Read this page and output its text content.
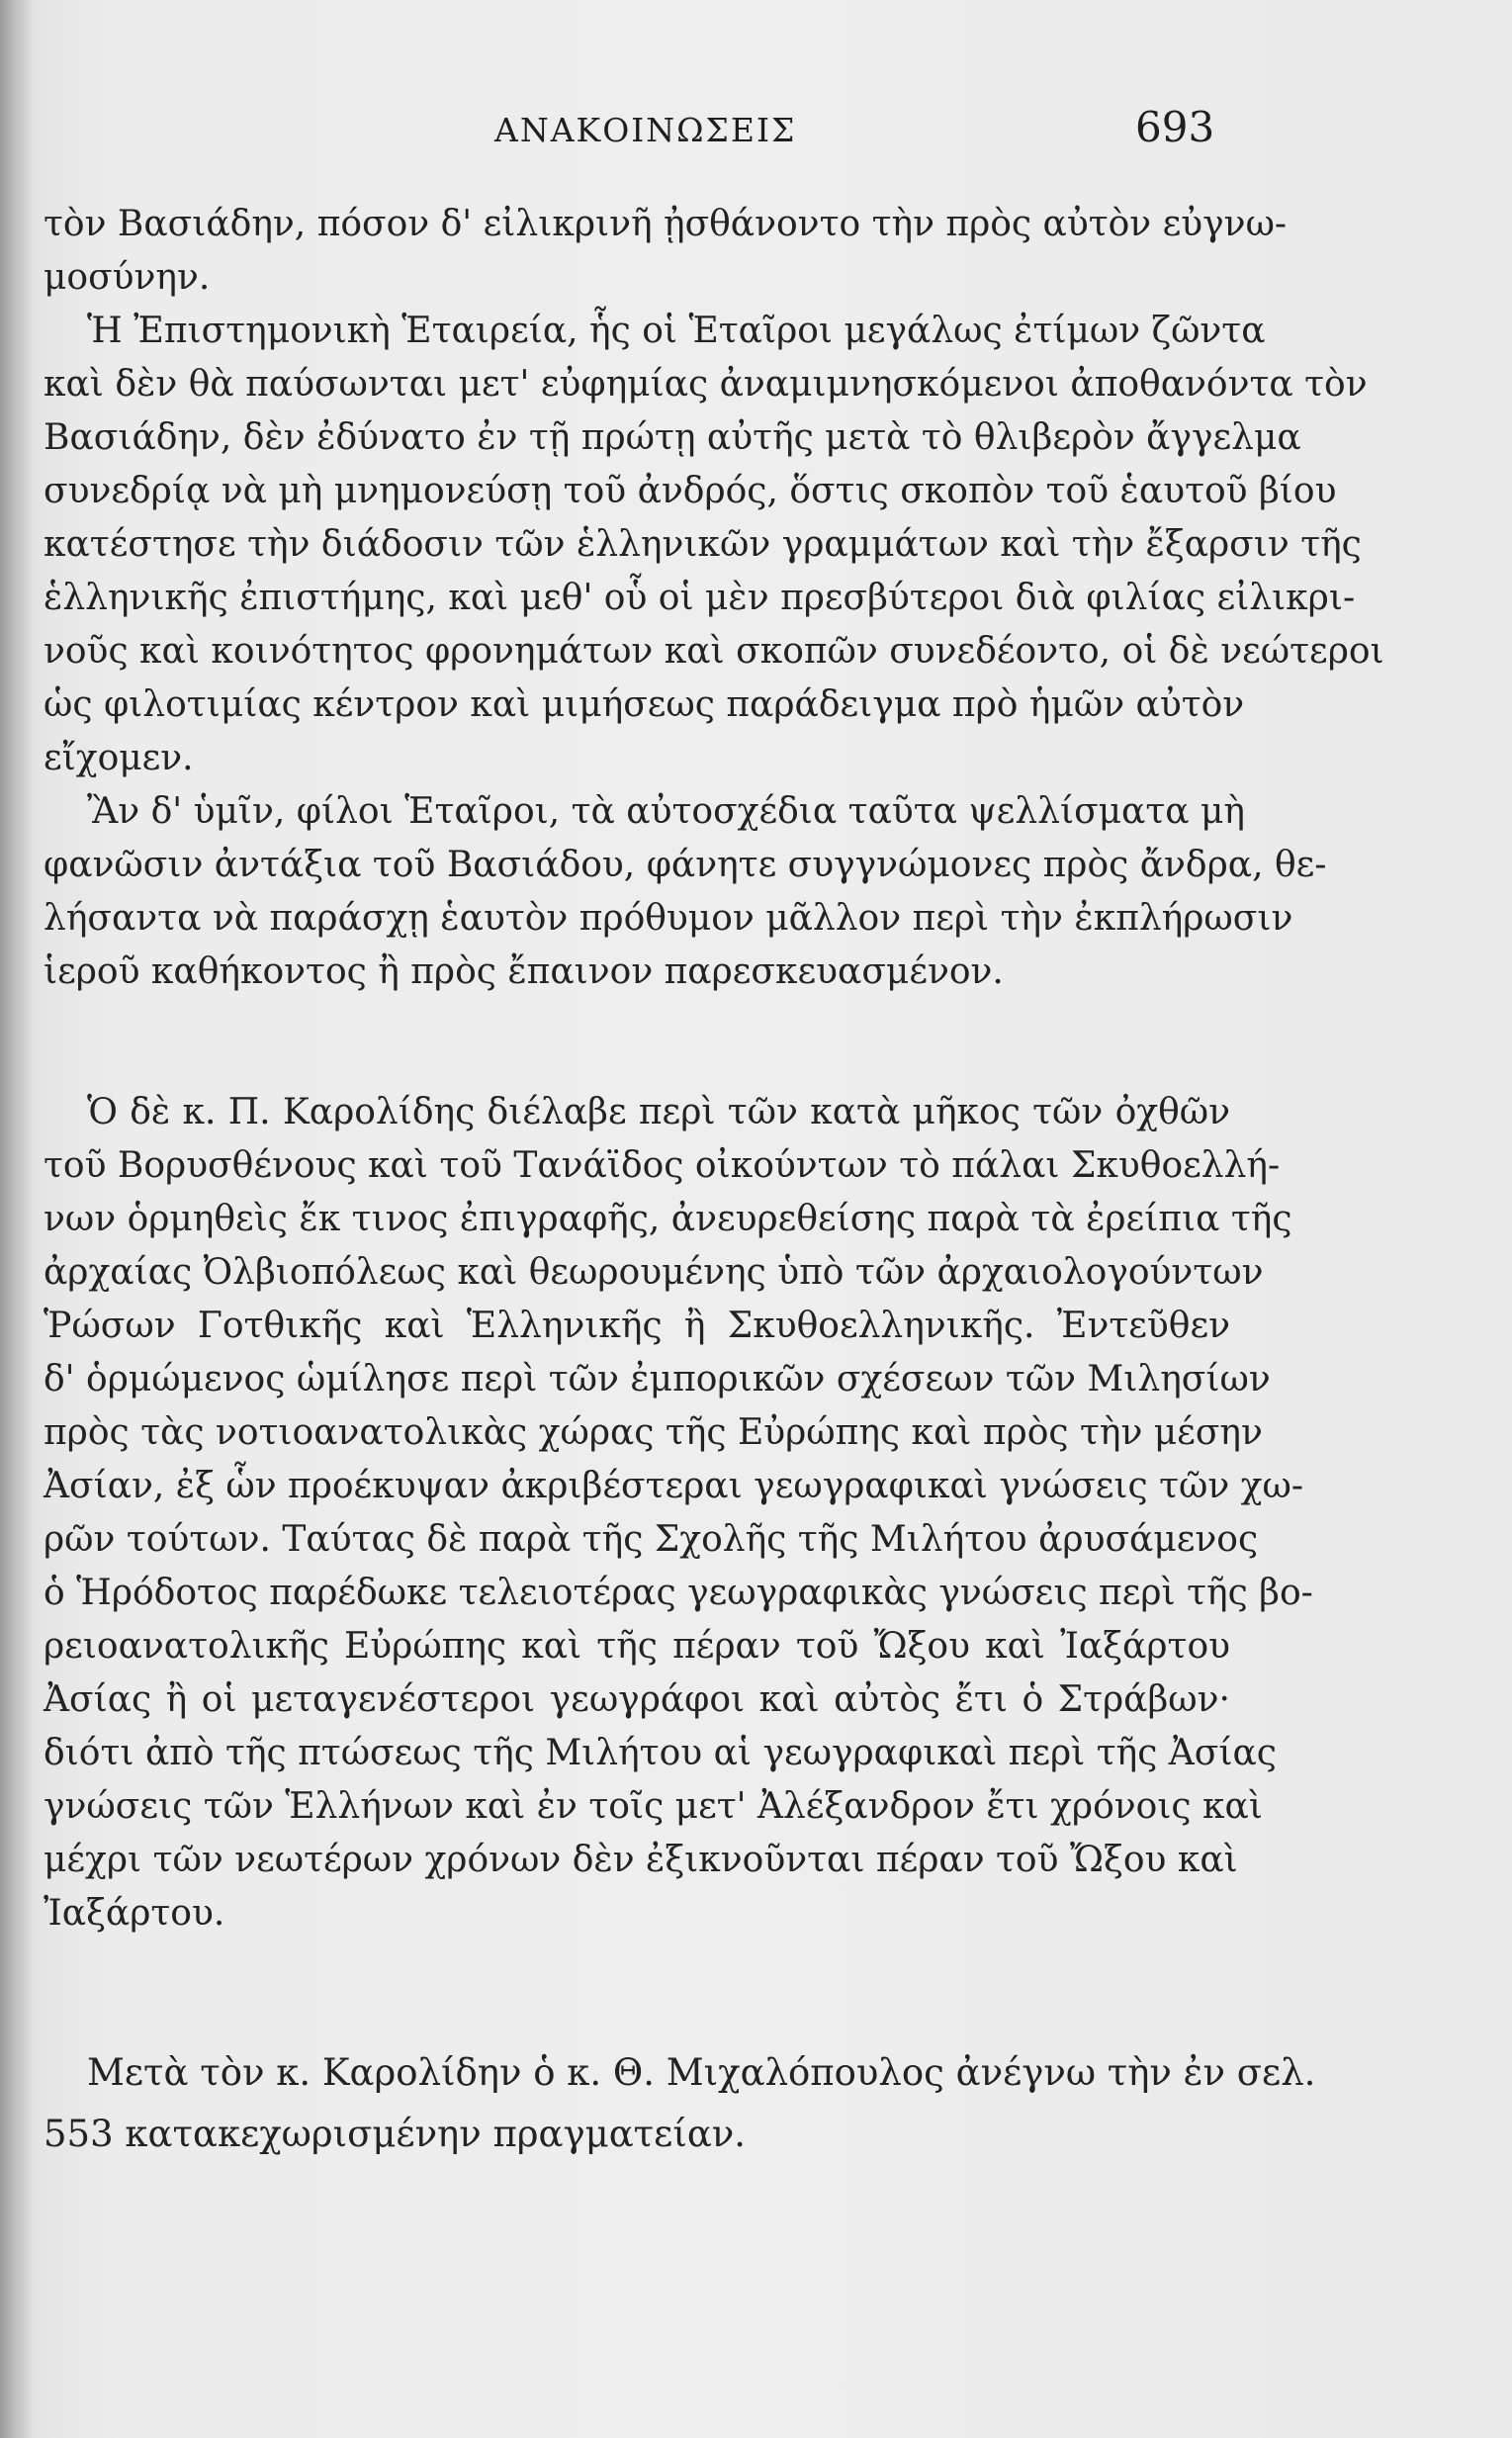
ΑΝΑΚΟΙΝΩΣΕΙΣ	693
τὸν Βασιάδην, πόσον δ' εἰλικρινῆ ᾐσθάνοντο τὴν πρὸς αὐτὸν εὐγνω-
μοσύνην.
Ἡ Ἐπιστημονικὴ Ἑταιρεία, ἧς οἱ Ἑταῖροι μεγάλως ἐτίμων ζῶντα
καὶ δὲν θὰ παύσωνται μετ' εὐφημίας ἀναμιμνησκόμενοι ἀποθανόντα τὸν
Βασιάδην, δὲν ἐδύνατο ἐν τῇ πρώτῃ αὐτῆς μετὰ τὸ θλιβερὸν ἄγγελμα
συνεδρίᾳ νὰ μὴ μνημονεύσῃ τοῦ ἀνδρός, ὅστις σκοπὸν τοῦ ἑαυτοῦ βίου
κατέστησε τὴν διάδοσιν τῶν ἑλληνικῶν γραμμάτων καὶ τὴν ἔξαρσιν τῆς
ἑλληνικῆς ἐπιστήμης, καὶ μεθ' οὗ οἱ μὲν πρεσβύτεροι διὰ φιλίας εἰλικρι-
νοῦς καὶ κοινότητος φρονημάτων καὶ σκοπῶν συνεδέοντο, οἱ δὲ νεώτεροι
ὡς φιλοτιμίας κέντρον καὶ μιμήσεως παράδειγμα πρὸ ἡμῶν αὐτὸν
εἴχομεν.
Ἂν δ' ὑμῖν, φίλοι Ἑταῖροι, τὰ αὐτοσχέδια ταῦτα ψελλίσματα μὴ
φανῶσιν ἀντάξια τοῦ Βασιάδου, φάνητε συγγνώμονες πρὸς ἄνδρα, θε-
λήσαντα νὰ παράσχῃ ἑαυτὸν πρόθυμον μᾶλλον περὶ τὴν ἐκπλήρωσιν
ἱεροῦ καθήκοντος ἢ πρὸς ἔπαινον παρεσκευασμένον.
Ὁ δὲ κ. Π. Καρολίδης διέλαβε περὶ τῶν κατὰ μῆκος τῶν ὀχθῶν
τοῦ Βορυσθένους καὶ τοῦ Τανάϊδος οἰκούντων τὸ πάλαι Σκυθοελλή-
νων ὁρμηθεὶς ἔκ τινος ἐπιγραφῆς, ἀνευρεθείσης παρὰ τὰ ἐρείπια τῆς
ἀρχαίας Ὀλβιοπόλεως καὶ θεωρουμένης ὑπὸ τῶν ἀρχαιολογούντων
Ῥώσων Γοτθικῆς καὶ Ἑλληνικῆς ἢ Σκυθοελληνικῆς. Ἐντεῦθεν
δ' ὁρμώμενος ὡμίλησε περὶ τῶν ἐμπορικῶν σχέσεων τῶν Μιλησίων
πρὸς τὰς νοτιοανατολικὰς χώρας τῆς Εὐρώπης καὶ πρὸς τὴν μέσην
Ἀσίαν, ἐξ ὧν προέκυψαν ἀκριβέστεραι γεωγραφικαὶ γνώσεις τῶν χω-
ρῶν τούτων. Ταύτας δὲ παρὰ τῆς Σχολῆς τῆς Μιλήτου ἀρυσάμενος
ὁ Ἡρόδοτος παρέδωκε τελειοτέρας γεωγραφικὰς γνώσεις περὶ τῆς βο-
ρειοανατολικῆς Εὐρώπης καὶ τῆς πέραν τοῦ Ὤξου καὶ Ἰαξάρτου
Ἀσίας ἢ οἱ μεταγενέστεροι γεωγράφοι καὶ αὐτὸς ἔτι ὁ Στράβων·
διότι ἀπὸ τῆς πτώσεως τῆς Μιλήτου αἱ γεωγραφικαὶ περὶ τῆς Ἀσίας
γνώσεις τῶν Ἑλλήνων καὶ ἐν τοῖς μετ' Ἀλέξανδρον ἔτι χρόνοις καὶ
μέχρι τῶν νεωτέρων χρόνων δὲν ἐξικνοῦνται πέραν τοῦ Ὤξου καὶ
Ἰαξάρτου.
Μετὰ τὸν κ. Καρολίδην ὁ κ. Θ. Μιχαλόπουλος ἀνέγνω τὴν ἐν σελ.
553 κατακεχωρισμένην πραγματείαν.
